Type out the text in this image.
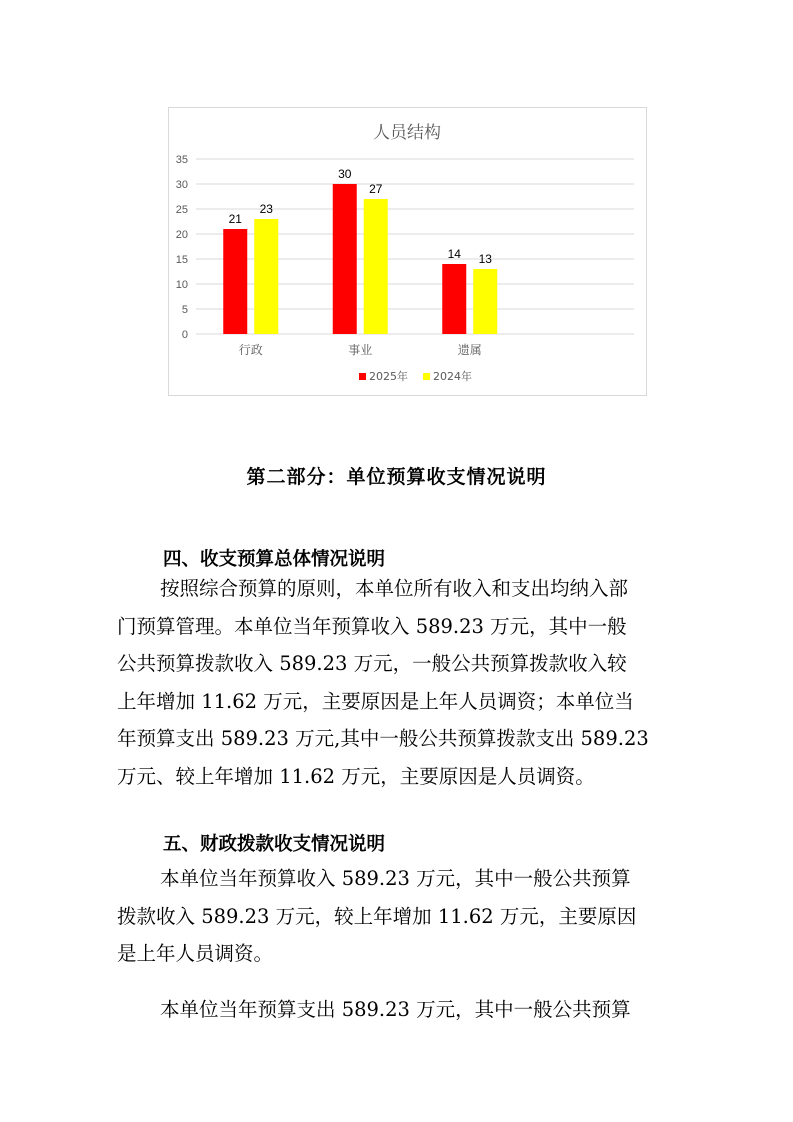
人员结构
0
5
10
15
20
25
30
35
行政
21
23
事业
30
27
遗属
14 13
2025年 2024年
第二部分：单位预算收支情况说明
四、收支预算总体情况说明
按照综合预算的原则，本单位所有收入和支出均纳入部
门预算管理。本单位当年预算收入 589.23 万元，其中一般
公共预算拨款收入 589.23 万元，一般公共预算拨款收入较
上年增加 11.62 万元，主要原因是上年人员调资；本单位当
年预算支出 589.23 万元,其中一般公共预算拨款支出 589.23
万元、较上年增加 11.62 万元，主要原因是人员调资。
五、财政拨款收支情况说明
本单位当年预算收入 589.23 万元，其中一般公共预算
拨款收入 589.23 万元，较上年增加 11.62 万元，主要原因
是上年人员调资。
本单位当年预算支出 589.23 万元，其中一般公共预算
